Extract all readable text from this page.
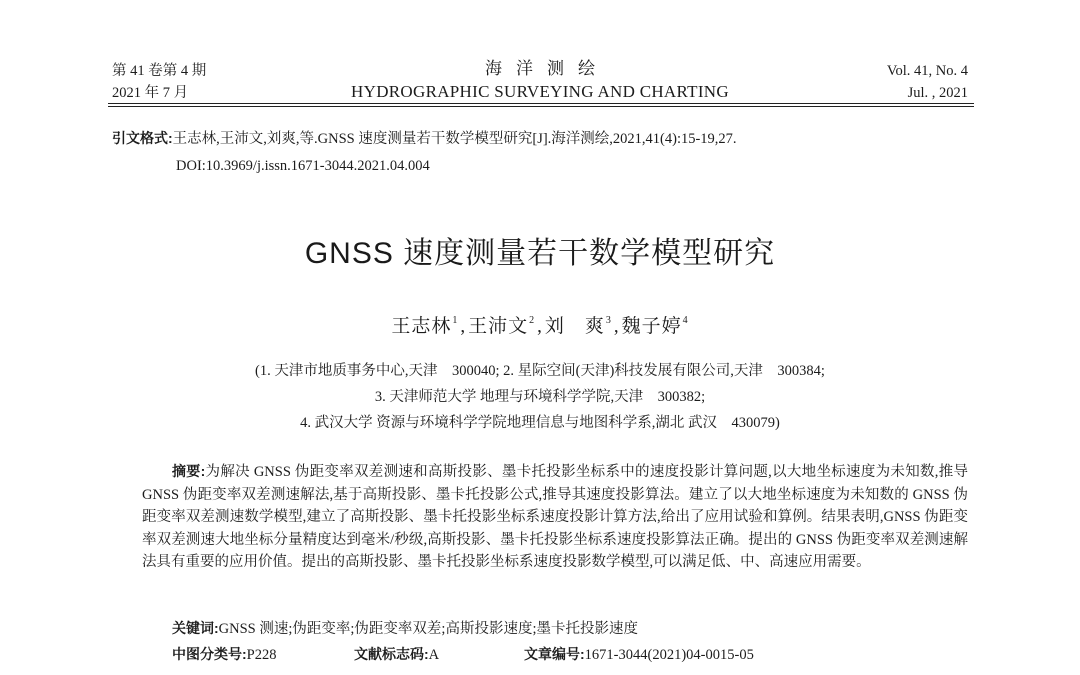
第 41 卷第 4 期
2021 年 7 月
海洋测绘
HYDROGRAPHIC SURVEYING AND CHARTING
Vol. 41, No. 4
Jul. , 2021
引文格式:王志林,王沛文,刘爽,等.GNSS 速度测量若干数学模型研究[J].海洋测绘,2021,41(4):15-19,27.
DOI:10.3969/j.issn.1671-3044.2021.04.004
GNSS 速度测量若干数学模型研究
王志林$^1$ , 王沛文$^2$ , 刘　爽$^3$ , 魏子婷$^4$
(1. 天津市地质事务中心,天津　300040; 2. 星际空间(天津)科技发展有限公司,天津　300384;
3. 天津师范大学 地理与环境科学学院,天津　300382;
4. 武汉大学 资源与环境科学学院地理信息与地图科学系,湖北 武汉　430079)
摘要:为解决 GNSS 伪距变率双差测速和高斯投影、墨卡托投影坐标系中的速度投影计算问题,以大地坐标速度为未知数,推导 GNSS 伪距变率双差测速解法,基于高斯投影、墨卡托投影公式,推导其速度投影算法。建立了以大地坐标速度为未知数的 GNSS 伪距变率双差测速数学模型,建立了高斯投影、墨卡托投影坐标系速度投影计算方法,给出了应用试验和算例。结果表明,GNSS 伪距变率双差测速大地坐标分量精度达到毫米/秒级,高斯投影、墨卡托投影坐标系速度投影算法正确。提出的 GNSS 伪距变率双差测速解法具有重要的应用价值。提出的高斯投影、墨卡托投影坐标系速度投影数学模型,可以满足低、中、高速应用需要。
关键词:GNSS 测速;伪距变率;伪距变率双差;高斯投影速度;墨卡托投影速度
中图分类号:P228	文献标志码:A	文章编号:1671-3044(2021)04-0015-05
